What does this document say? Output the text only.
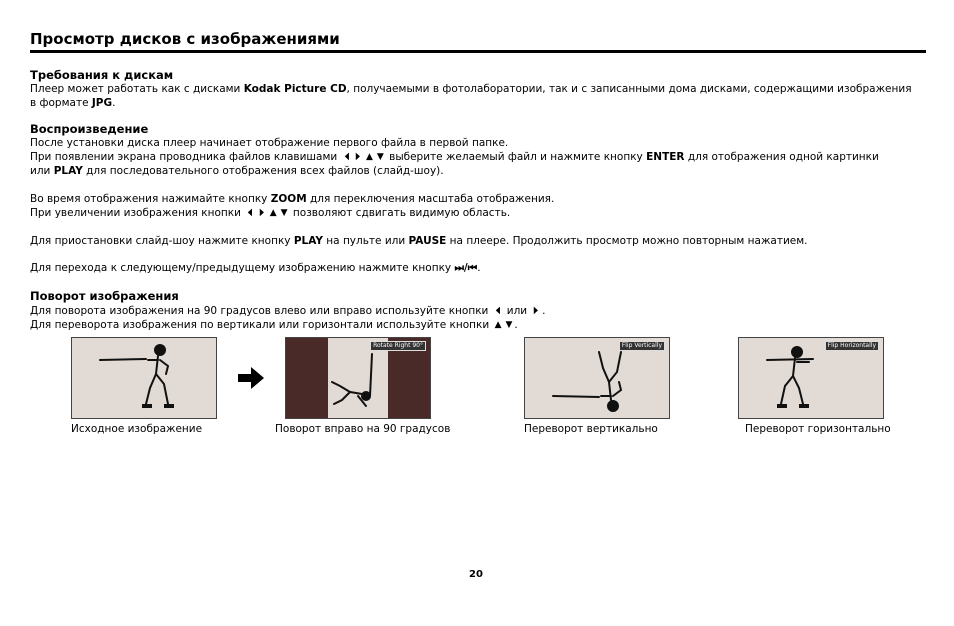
Просмотр дисков с изображениями
Требования к дискам
Плеер может работать как с дисками Kodak Picture CD, получаемыми в фотолаборатории, так и с записанными дома дисками, содержащими изображения
в формате JPG.
Воспроизведение
После установки диска плеер начинает отображение первого файла в первой папке.
При появлении экрана проводника файлов клавишами ◀ ▶ ▲ ▼ выберите желаемый файл и нажмите кнопку ENTER для отображения одной картинки
или PLAY для последовательного отображения всех файлов (слайд-шоу).
Во время отображения нажимайте кнопку ZOOM для переключения масштаба отображения.
При увеличении изображения кнопки ◀ ▶ ▲ ▼ позволяют сдвигать видимую область.
Для приостановки слайд-шоу нажмите кнопку PLAY на пульте или PAUSE на плеере. Продолжить просмотр можно повторным нажатием.
Для перехода к следующему/предыдущему изображению нажмите кнопку ⏭/⏮.
Поворот изображения
Для поворота изображения на 90 градусов влево или вправо используйте кнопки ◀ или ▶ .
Для переворота изображения по вертикали или горизонтали используйте кнопки ▲ ▼ .
Исходное изображение
Rotate Right 90°
Поворот вправо на 90 градусов
Flip Vertically
Переворот вертикально
Flip Horizontally
Переворот горизонтально
20
